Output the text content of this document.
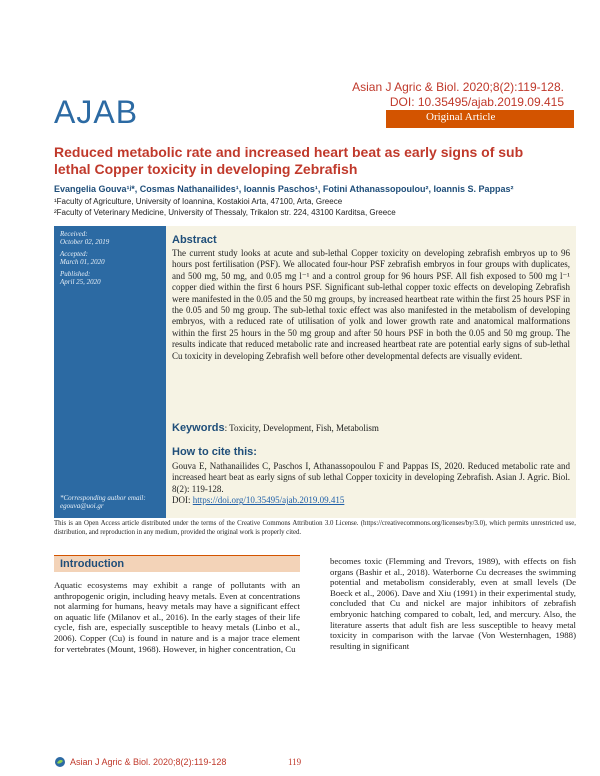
Asian J Agric & Biol. 2020;8(2):119-128.
DOI: 10.35495/ajab.2019.09.415
AJAB	Original Article
Reduced metabolic rate and increased heart beat as early signs of sub lethal Copper toxicity in developing Zebrafish
Evangelia Gouva¹ʲ*, Cosmas Nathanailides¹, Ioannis Paschos¹, Fotini Athanassopoulou², Ioannis S. Pappas²
¹Faculty of Agriculture, University of Ioannina, Kostakioi Arta, 47100, Arta, Greece
²Faculty of Veterinary Medicine, University of Thessaly, Trikalon str. 224, 43100 Karditsa, Greece
Received:
October 02, 2019
Accepted:
March 01, 2020
Published:
April 25, 2020
*Corresponding author email:
egouva@uoi.gr
Abstract
The current study looks at acute and sub-lethal Copper toxicity on developing zebrafish embryos up to 96 hours post fertilisation (PSF). We allocated four-hour PSF zebrafish embryos in four groups with duplicates, and 500 mg, 50 mg, and 0.05 mg l⁻¹ and a control group for 96 hours PSF. All fish exposed to 500 mg l⁻¹ copper died within the first 6 hours PSF. Significant sub-lethal copper toxic effects on developing Zebrafish were manifested in the 0.05 and the 50 mg groups, by increased heartbeat rate within the first 25 hours PSF in the 0.05 and 50 mg group. The sub-lethal toxic effect was also manifested in the metabolism of developing embryos, with a reduced rate of utilisation of yolk and lower growth rate and anatomical malformations within the first 25 hours in the 50 mg group and after 50 hours PSF in both the 0.05 and 50 mg group. The results indicate that reduced metabolic rate and increased heartbeat rate are potential early signs of sub-lethal Cu toxicity in developing Zebrafish well before other developmental defects are visually evident.
Keywords: Toxicity, Development, Fish, Metabolism
How to cite this:
Gouva E, Nathanailides C, Paschos I, Athanassopoulou F and Pappas IS, 2020. Reduced metabolic rate and increased heart beat as early signs of sub lethal Copper toxicity in developing Zebrafish. Asian J. Agric. Biol. 8(2): 119-128.
DOI: https://doi.org/10.35495/ajab.2019.09.415
This is an Open Access article distributed under the terms of the Creative Commons Attribution 3.0 License. (https://creativecommons.org/licenses/by/3.0), which permits unrestricted use, distribution, and reproduction in any medium, provided the original work is properly cited.
Introduction
Aquatic ecosystems may exhibit a range of pollutants with an anthropogenic origin, including heavy metals. Even at concentrations not alarming for humans, heavy metals may have a significant effect on aquatic life (Milanov et al., 2016). In the early stages of their life cycle, fish are, especially susceptible to heavy metals (Linbo et al., 2006). Copper (Cu) is found in nature and is a major trace element for vertebrates (Mount, 1968). However, in higher concentration, Cu
becomes toxic (Flemming and Trevors, 1989), with effects on fish organs (Bashir et al., 2018). Waterborne Cu decreases the swimming potential and metabolism considerably, even at small levels (De Boeck et al., 2006). Dave and Xiu (1991) in their experimental study, concluded that Cu and nickel are major inhibitors of zebrafish embryonic hatching compared to cobalt, led, and mercury. Also, the literature asserts that adult fish are less susceptible to heavy metal toxicity in comparison with the larvae (Von Westernhagen, 1988) resulting in significant
Asian J Agric & Biol. 2020;8(2):119-128	119
